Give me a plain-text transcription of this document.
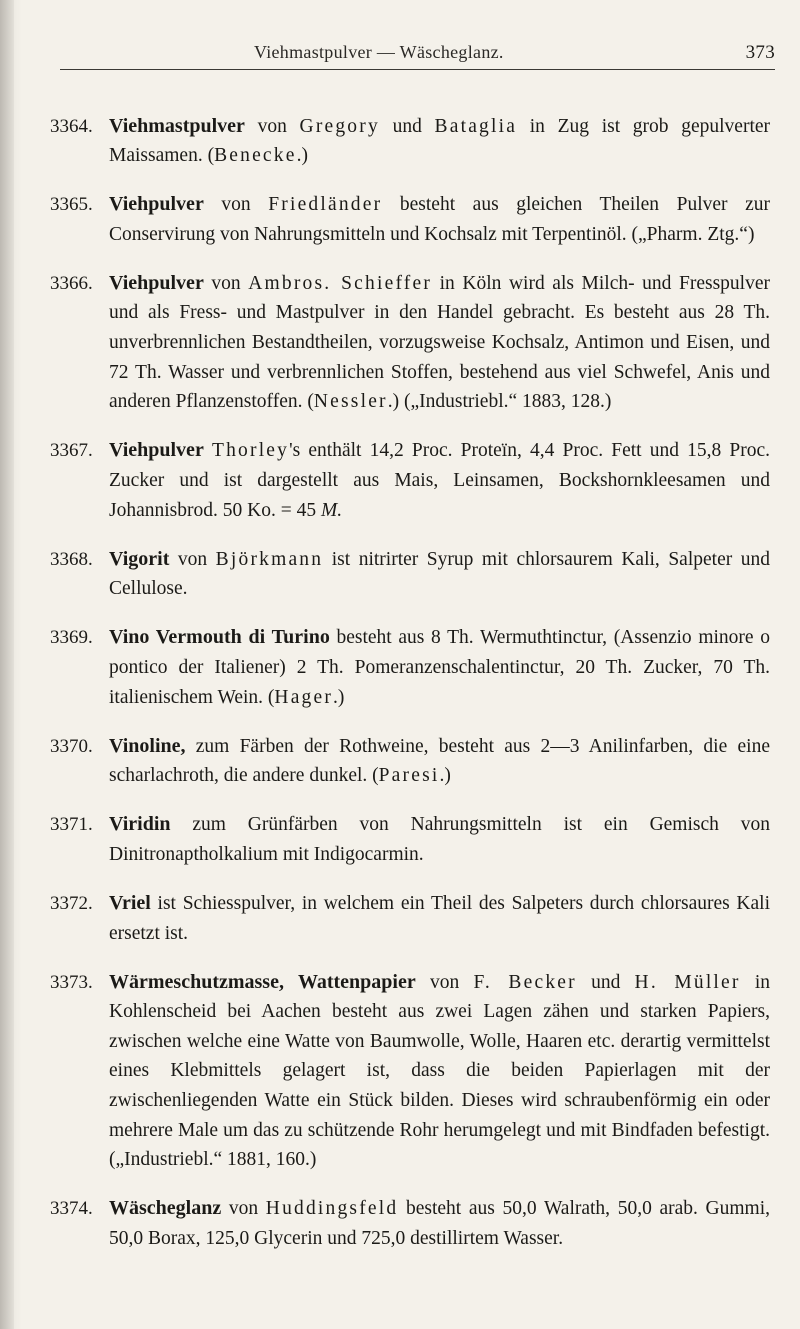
Viehmastpulver — Wäscheglanz.	373

3364. Viehmastpulver von Gregory und Bataglia in Zug ist grob gepulverter Maissamen. (Benecke.)

3365. Viehpulver von Friedländer besteht aus gleichen Theilen Pulver zur Conservirung von Nahrungsmitteln und Kochsalz mit Terpentinöl. („Pharm. Ztg.“)

3366. Viehpulver von Ambros. Schieffer in Köln wird als Milch- und Fresspulver und als Fress- und Mastpulver in den Handel gebracht. Es besteht aus 28 Th. unverbrennlichen Bestandtheilen, vorzugsweise Kochsalz, Antimon und Eisen, und 72 Th. Wasser und verbrennlichen Stoffen, bestehend aus viel Schwefel, Anis und anderen Pflanzenstoffen. (Nessler.) („Industriebl.“ 1883, 128.)

3367. Viehpulver Thorley's enthält 14,2 Proc. Proteïn, 4,4 Proc. Fett und 15,8 Proc. Zucker und ist dargestellt aus Mais, Leinsamen, Bockshornkleesamen und Johannisbrod. 50 Ko. = 45 M.

3368. Vigorit von Björkmann ist nitrirter Syrup mit chlorsaurem Kali, Salpeter und Cellulose.

3369. Vino Vermouth di Turino besteht aus 8 Th. Wermuthtinctur, (Assenzio minore o pontico der Italiener) 2 Th. Pomeranzenschalentinctur, 20 Th. Zucker, 70 Th. italienischem Wein. (Hager.)

3370. Vinoline, zum Färben der Rothweine, besteht aus 2—3 Anilinfarben, die eine scharlachroth, die andere dunkel. (Paresi.)

3371. Viridin zum Grünfärben von Nahrungsmitteln ist ein Gemisch von Dinitronaptholkalium mit Indigocarmin.

3372. Vriel ist Schiesspulver, in welchem ein Theil des Salpeters durch chlorsaures Kali ersetzt ist.

3373. Wärmeschutzmasse, Wattenpapier von F. Becker und H. Müller in Kohlenscheid bei Aachen besteht aus zwei Lagen zähen und starken Papiers, zwischen welche eine Watte von Baumwolle, Wolle, Haaren etc. derartig vermittelst eines Klebmittels gelagert ist, dass die beiden Papierlagen mit der zwischenliegenden Watte ein Stück bilden. Dieses wird schraubenförmig ein oder mehrere Male um das zu schützende Rohr herumgelegt und mit Bindfaden befestigt. („Industriebl.“ 1881, 160.)

3374. Wäscheglanz von Huddingsfeld besteht aus 50,0 Walrath, 50,0 arab. Gummi, 50,0 Borax, 125,0 Glycerin und 725,0 destillirtem Wasser.
